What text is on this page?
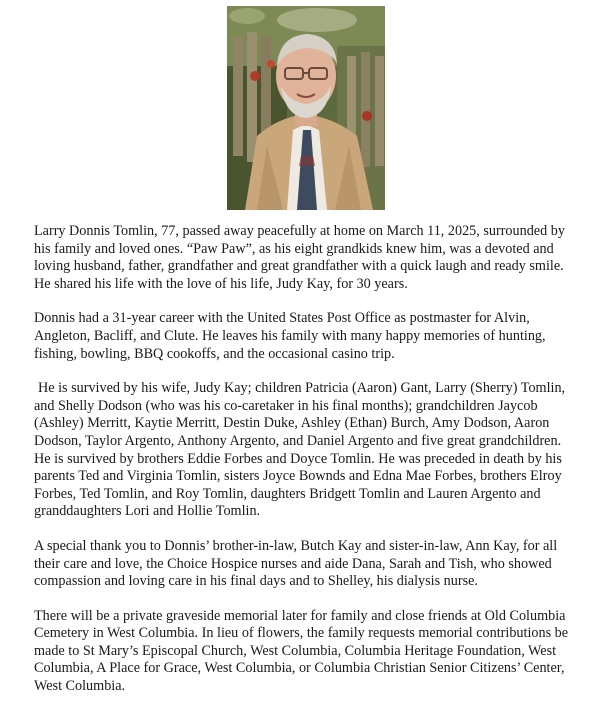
Larry Donnis Tomlin, 77, passed away peacefully at home on March 11, 2025, surrounded by his family and loved ones. “Paw Paw”, as his eight grandkids knew him, was a devoted and loving husband, father, grandfather and great grandfather with a quick laugh and ready smile. He shared his life with the love of his life, Judy Kay, for 30 years.

Donnis had a 31-year career with the United States Post Office as postmaster for Alvin, Angleton, Bacliff, and Clute. He leaves his family with many happy memories of hunting, fishing, bowling, BBQ cookoffs, and the occasional casino trip.

He is survived by his wife, Judy Kay; children Patricia (Aaron) Gant, Larry (Sherry) Tomlin, and Shelly Dodson (who was his co-caretaker in his final months); grandchildren Jaycob (Ashley) Merritt, Kaytie Merritt, Destin Duke, Ashley (Ethan) Burch, Amy Dodson, Aaron Dodson, Taylor Argento, Anthony Argento, and Daniel Argento and five great grandchildren. He is survived by brothers Eddie Forbes and Doyce Tomlin. He was preceded in death by his parents Ted and Virginia Tomlin, sisters Joyce Bownds and Edna Mae Forbes, brothers Elroy Forbes, Ted Tomlin, and Roy Tomlin, daughters Bridgett Tomlin and Lauren Argento and granddaughters Lori and Hollie Tomlin.

A special thank you to Donnis’ brother-in-law, Butch Kay and sister-in-law, Ann Kay, for all their care and love, the Choice Hospice nurses and aide Dana, Sarah and Tish, who showed compassion and loving care in his final days and to Shelley, his dialysis nurse.

There will be a private graveside memorial later for family and close friends at Old Columbia Cemetery in West Columbia. In lieu of flowers, the family requests memorial contributions be made to St Mary’s Episcopal Church, West Columbia, Columbia Heritage Foundation, West Columbia, A Place for Grace, West Columbia, or Columbia Christian Senior Citizens’ Center, West Columbia.
